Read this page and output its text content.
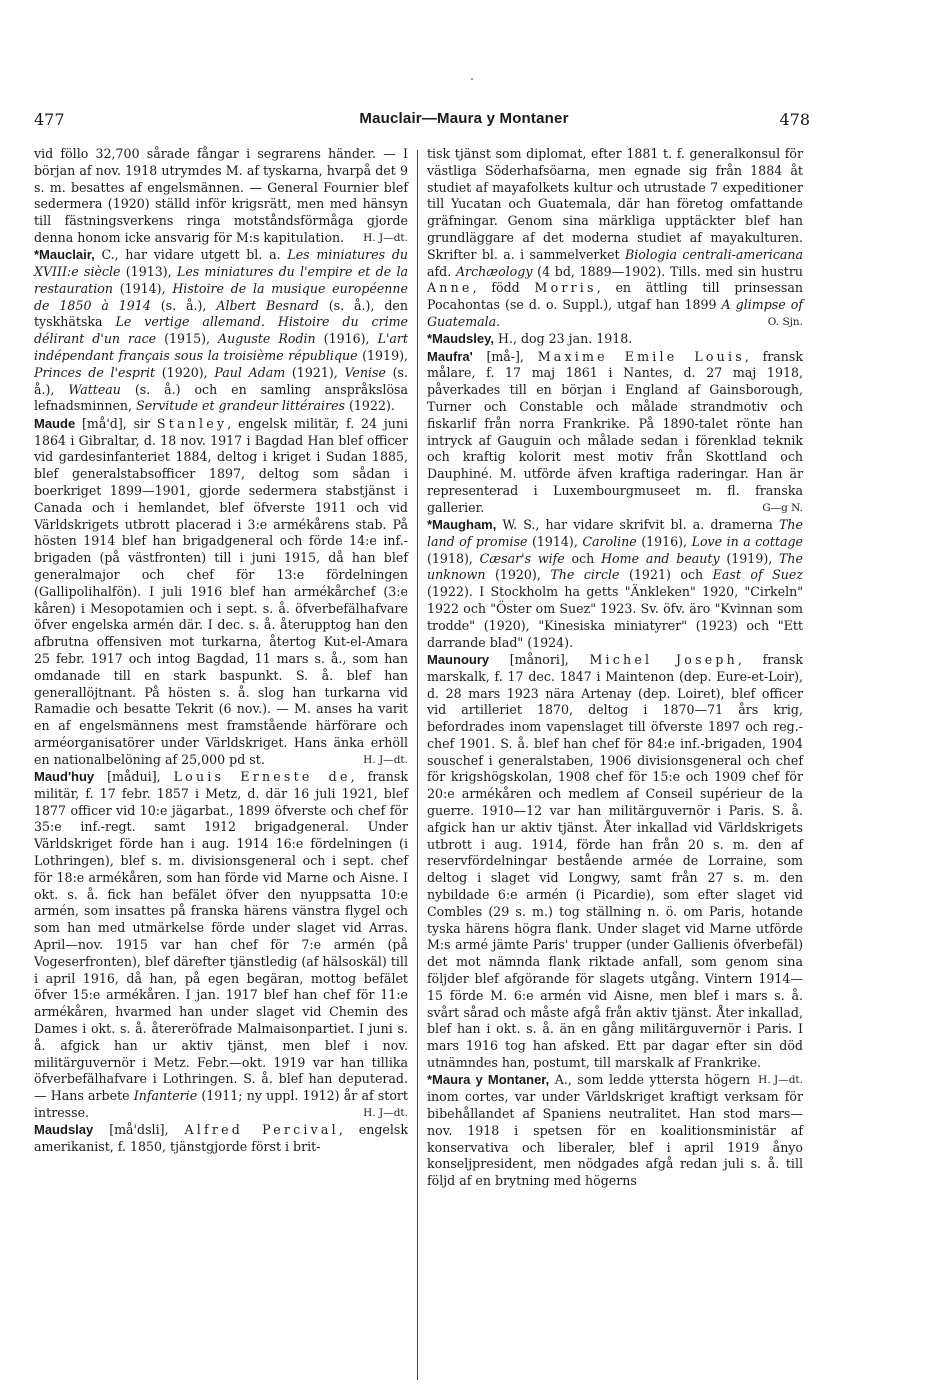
477	Mauclair—Maura y Montaner	478

vid föllo 32,700 sårade fångar i segrarens händer. — I början af nov. 1918 utrymdes M. af tyskarna, hvarpå det 9 s. m. besattes af engelsmännen. — General Fournier blef sedermera (1920) ställd inför krigsrätt, men med hänsyn till fästningsverkens ringa motståndsförmåga gjorde denna honom icke ansvarig för M:s kapitulation. H. J—dt.

*Mauclair, C., har vidare utgett bl. a. Les miniatures du XVIII:e siècle (1913), Les miniatures du l'empire et de la restauration (1914), Histoire de la musique européenne de 1850 à 1914 (s. å.), Albert Besnard (s. å.), den tyskhätska Le vertige allemand. Histoire du crime délirant d'un race (1915), Auguste Rodin (1916), L'art indépendant français sous la troisième république (1919), Princes de l'esprit (1920), Paul Adam (1921), Venise (s. å.), Watteau (s. å.) och en samling anspråkslösa lefnadsminnen, Servitude et grandeur littéraires (1922).

Maude [må'd], sir Stanley, engelsk militär, f. 24 juni 1864 i Gibraltar, d. 18 nov. 1917 i Bagdad Han blef officer vid gardesinfanteriet 1884, deltog i kriget i Sudan 1885, blef generalstabsofficer 1897, deltog som sådan i boerkriget 1899—1901, gjorde sedermera stabstjänst i Canada och i hemlandet, blef öfverste 1911 och vid Världskrigets utbrott placerad i 3:e armékårens stab. På hösten 1914 blef han brigadgeneral och förde 14:e inf.-brigaden (på västfronten) till i juni 1915, då han blef generalmajor och chef för 13:e fördelningen (Gallipolihalfön). I juli 1916 blef han armékårchef (3:e kåren) i Mesopotamien och i sept. s. å. öfverbefälhafvare öfver engelska armén där. I dec. s. å. återupptog han den afbrutna offensiven mot turkarna, återtog Kut-el-Amara 25 febr. 1917 och intog Bagdad, 11 mars s. å., som han omdanade till en stark baspunkt. S. å. blef han generallöjtnant. På hösten s. å. slog han turkarna vid Ramadie och besatte Tekrit (6 nov.). — M. anses ha varit en af engelsmännens mest framstående härförare och arméorganisatörer under Världskriget. Hans änka erhöll en nationalbelöning af 25,000 pd st.	H. J—dt.

Maud'huy [mådui], Louis Erneste de, fransk militär, f. 17 febr. 1857 i Metz, d. där 16 juli 1921, blef 1877 officer vid 10:e jägarbat., 1899 öfverste och chef för 35:e inf.-regt. samt 1912 brigadgeneral. Under Världskriget förde han i aug. 1914 16:e fördelningen (i Lothringen), blef s. m. divisionsgeneral och i sept. chef för 18:e armékåren, som han förde vid Marne och Aisne. I okt. s. å. fick han befälet öfver den nyuppsatta 10:e armén, som insattes på franska härens vänstra flygel och som han med utmärkelse förde under slaget vid Arras. April—nov. 1915 var han chef för 7:e armén (på Vogeserfronten), blef därefter tjänstledig (af hälsoskäl) till i april 1916, då han, på egen begäran, mottog befälet öfver 15:e armékåren. I jan. 1917 blef han chef för 11:e armékåren, hvarmed han under slaget vid Chemin des Dames i okt. s. å. återeröfrade Malmaisonpartiet. I juni s. å. afgick han ur aktiv tjänst, men blef i nov. militärguvernör i Metz. Febr.—okt. 1919 var han tillika öfverbefälhafvare i Lothringen. S. å. blef han deputerad. — Hans arbete Infanterie (1911; ny uppl. 1912) år af stort intresse.	H. J—dt.

Maudslay [må'dsli], Alfred Percival, engelsk amerikanist, f. 1850, tjänstgjorde först i brit-

tisk tjänst som diplomat, efter 1881 t. f. generalkonsul för västliga Söderhafsöarna, men egnade sig från 1884 åt studiet af mayafolkets kultur och utrustade 7 expeditioner till Yucatan och Guatemala, där han företog omfattande gräfningar. Genom sina märkliga upptäckter blef han grundläggare af det moderna studiet af mayakulturen. Skrifter bl. a. i sammelverket Biologia centrali-americana afd. Archæology (4 bd, 1889—1902). Tills. med sin hustru Anne, född Morris, en ättling till prinsessan Pocahontas (se d. o. Suppl.), utgaf han 1899 A glimpse of Guatemala.	O. Sjn.

*Maudsley, H., dog 23 jan. 1918.

Maufra' [må-], Maxime Emile Louis, fransk målare, f. 17 maj 1861 i Nantes, d. 27 maj 1918, påverkades till en början i England af Gainsborough, Turner och Constable och målade strandmotiv och fiskarlif från norra Frankrike. På 1890-talet rönte han intryck af Gauguin och målade sedan i förenklad teknik och kraftig kolorit mest motiv från Skottland och Dauphiné. M. utförde äfven kraftiga raderingar. Han är representerad i Luxembourgmuseet m. fl. franska gallerier.	G—g N.

*Maugham, W. S., har vidare skrifvit bl. a. dramerna The land of promise (1914), Caroline (1916), Love in a cottage (1918), Cæsar's wife och Home and beauty (1919), The unknown (1920), The circle (1921) och East of Suez (1922). I Stockholm ha getts "Änkleken" 1920, "Cirkeln" 1922 och "Öster om Suez" 1923. Sv. öfv. äro "Kvinnan som trodde" (1920), "Kinesiska miniatyrer" (1923) och "Ett darrande blad" (1924).

Maunoury [månori], Michel Joseph, fransk marskalk, f. 17 dec. 1847 i Maintenon (dep. Eure-et-Loir), d. 28 mars 1923 nära Artenay (dep. Loiret), blef officer vid artilleriet 1870, deltog i 1870—71 års krig, befordrades inom vapenslaget till öfverste 1897 och reg.-chef 1901. S. å. blef han chef för 84:e inf.-brigaden, 1904 souschef i generalstaben, 1906 divisionsgeneral och chef för krigshögskolan, 1908 chef för 15:e och 1909 chef för 20:e armékåren och medlem af Conseil supérieur de la guerre. 1910—12 var han militärguvernör i Paris. S. å. afgick han ur aktiv tjänst. Åter inkallad vid Världskrigets utbrott i aug. 1914, förde han från 20 s. m. den af reservfördelningar bestående armée de Lorraine, som deltog i slaget vid Longwy, samt från 27 s. m. den nybildade 6:e armén (i Picardie), som efter slaget vid Combles (29 s. m.) tog ställning n. ö. om Paris, hotande tyska härens högra flank. Under slaget vid Marne utförde M:s armé jämte Paris' trupper (under Gallienis öfverbefäl) det mot nämnda flank riktade anfall, som genom sina följder blef afgörande för slagets utgång. Vintern 1914—15 förde M. 6:e armén vid Aisne, men blef i mars s. å. svårt sårad och måste afgå från aktiv tjänst. Åter inkallad, blef han i okt. s. å. än en gång militärguvernör i Paris. I mars 1916 tog han afsked. Ett par dagar efter sin död utnämndes han, postumt, till marskalk af Frankrike.
H. J—dt.

*Maura y Montaner, A., som ledde yttersta högern inom cortes, var under Världskriget kraftigt verksam för bibehållandet af Spaniens neutralitet. Han stod mars—nov. 1918 i spetsen för en koalitionsministär af konservativa och liberaler, blef i april 1919 ånyo konseljpresident, men nödgades afgå redan juli s. å. till följd af en brytning med högerns
